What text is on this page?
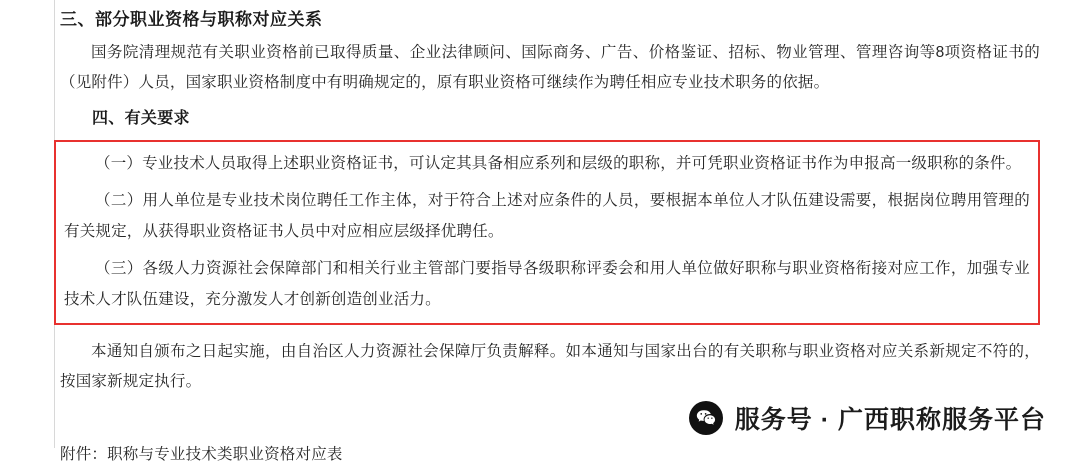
三、部分职业资格与职称对应关系

国务院清理规范有关职业资格前已取得质量、企业法律顾问、国际商务、广告、价格鉴证、招标、物业管理、管理咨询等8项资格证书的（见附件）人员，国家职业资格制度中有明确规定的，原有职业资格可继续作为聘任相应专业技术职务的依据。

四、有关要求

（一）专业技术人员取得上述职业资格证书，可认定其具备相应系列和层级的职称，并可凭职业资格证书作为申报高一级职称的条件。

（二）用人单位是专业技术岗位聘任工作主体，对于符合上述对应条件的人员，要根据本单位人才队伍建设需要，根据岗位聘用管理的有关规定，从获得职业资格证书人员中对应相应层级择优聘任。

（三）各级人力资源社会保障部门和相关行业主管部门要指导各级职称评委会和用人单位做好职称与职业资格衔接对应工作，加强专业技术人才队伍建设，充分激发人才创新创造创业活力。

本通知自颁布之日起实施，由自治区人力资源社会保障厅负责解释。如本通知与国家出台的有关职称与职业资格对应关系新规定不符的，按国家新规定执行。

附件：职称与专业技术类职业资格对应表
服务号 · 广西职称服务平台
